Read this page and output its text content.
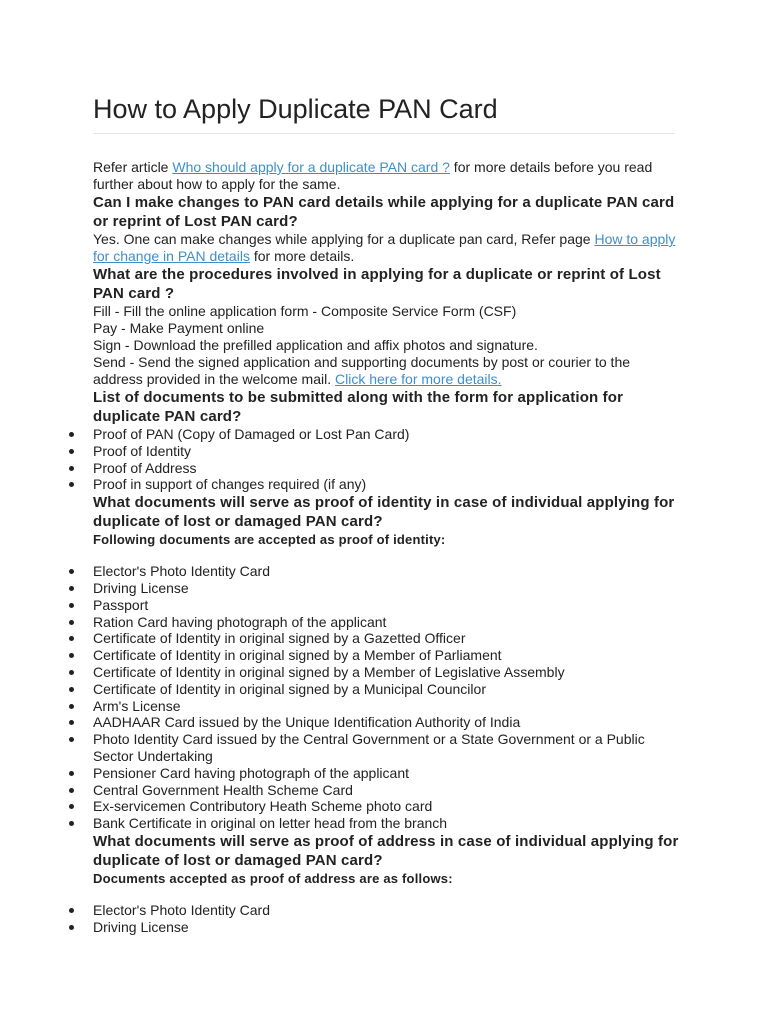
How to Apply Duplicate PAN Card

Refer article Who should apply for a duplicate PAN card ? for more details before you read further about how to apply for the same.

Can I make changes to PAN card details while applying for a duplicate PAN card or reprint of Lost PAN card?

Yes. One can make changes while applying for a duplicate pan card, Refer page How to apply for change in PAN details for more details.

What are the procedures involved in applying for a duplicate or reprint of Lost PAN card ?

Fill - Fill the online application form - Composite Service Form (CSF)

Pay - Make Payment online

Sign - Download the prefilled application and affix photos and signature.

Send - Send the signed application and supporting documents by post or courier to the address provided in the welcome mail. Click here for more details.

List of documents to be submitted along with the form for application for duplicate PAN card?
Proof of PAN (Copy of Damaged or Lost Pan Card)
Proof of Identity
Proof of Address
Proof in support of changes required (if any)
What documents will serve as proof of identity in case of individual applying for duplicate of lost or damaged PAN card?
Following documents are accepted as proof of identity:
Elector's Photo Identity Card
Driving License
Passport
Ration Card having photograph of the applicant
Certificate of Identity in original signed by a Gazetted Officer
Certificate of Identity in original signed by a Member of Parliament
Certificate of Identity in original signed by a Member of Legislative Assembly
Certificate of Identity in original signed by a Municipal Councilor
Arm's License
AADHAAR Card issued by the Unique Identification Authority of India
Photo Identity Card issued by the Central Government or a State Government or a Public Sector Undertaking
Pensioner Card having photograph of the applicant
Central Government Health Scheme Card
Ex-servicemen Contributory Heath Scheme photo card
Bank Certificate in original on letter head from the branch
What documents will serve as proof of address in case of individual applying for duplicate of lost or damaged PAN card?
Documents accepted as proof of address are as follows:
Elector's Photo Identity Card
Driving License
